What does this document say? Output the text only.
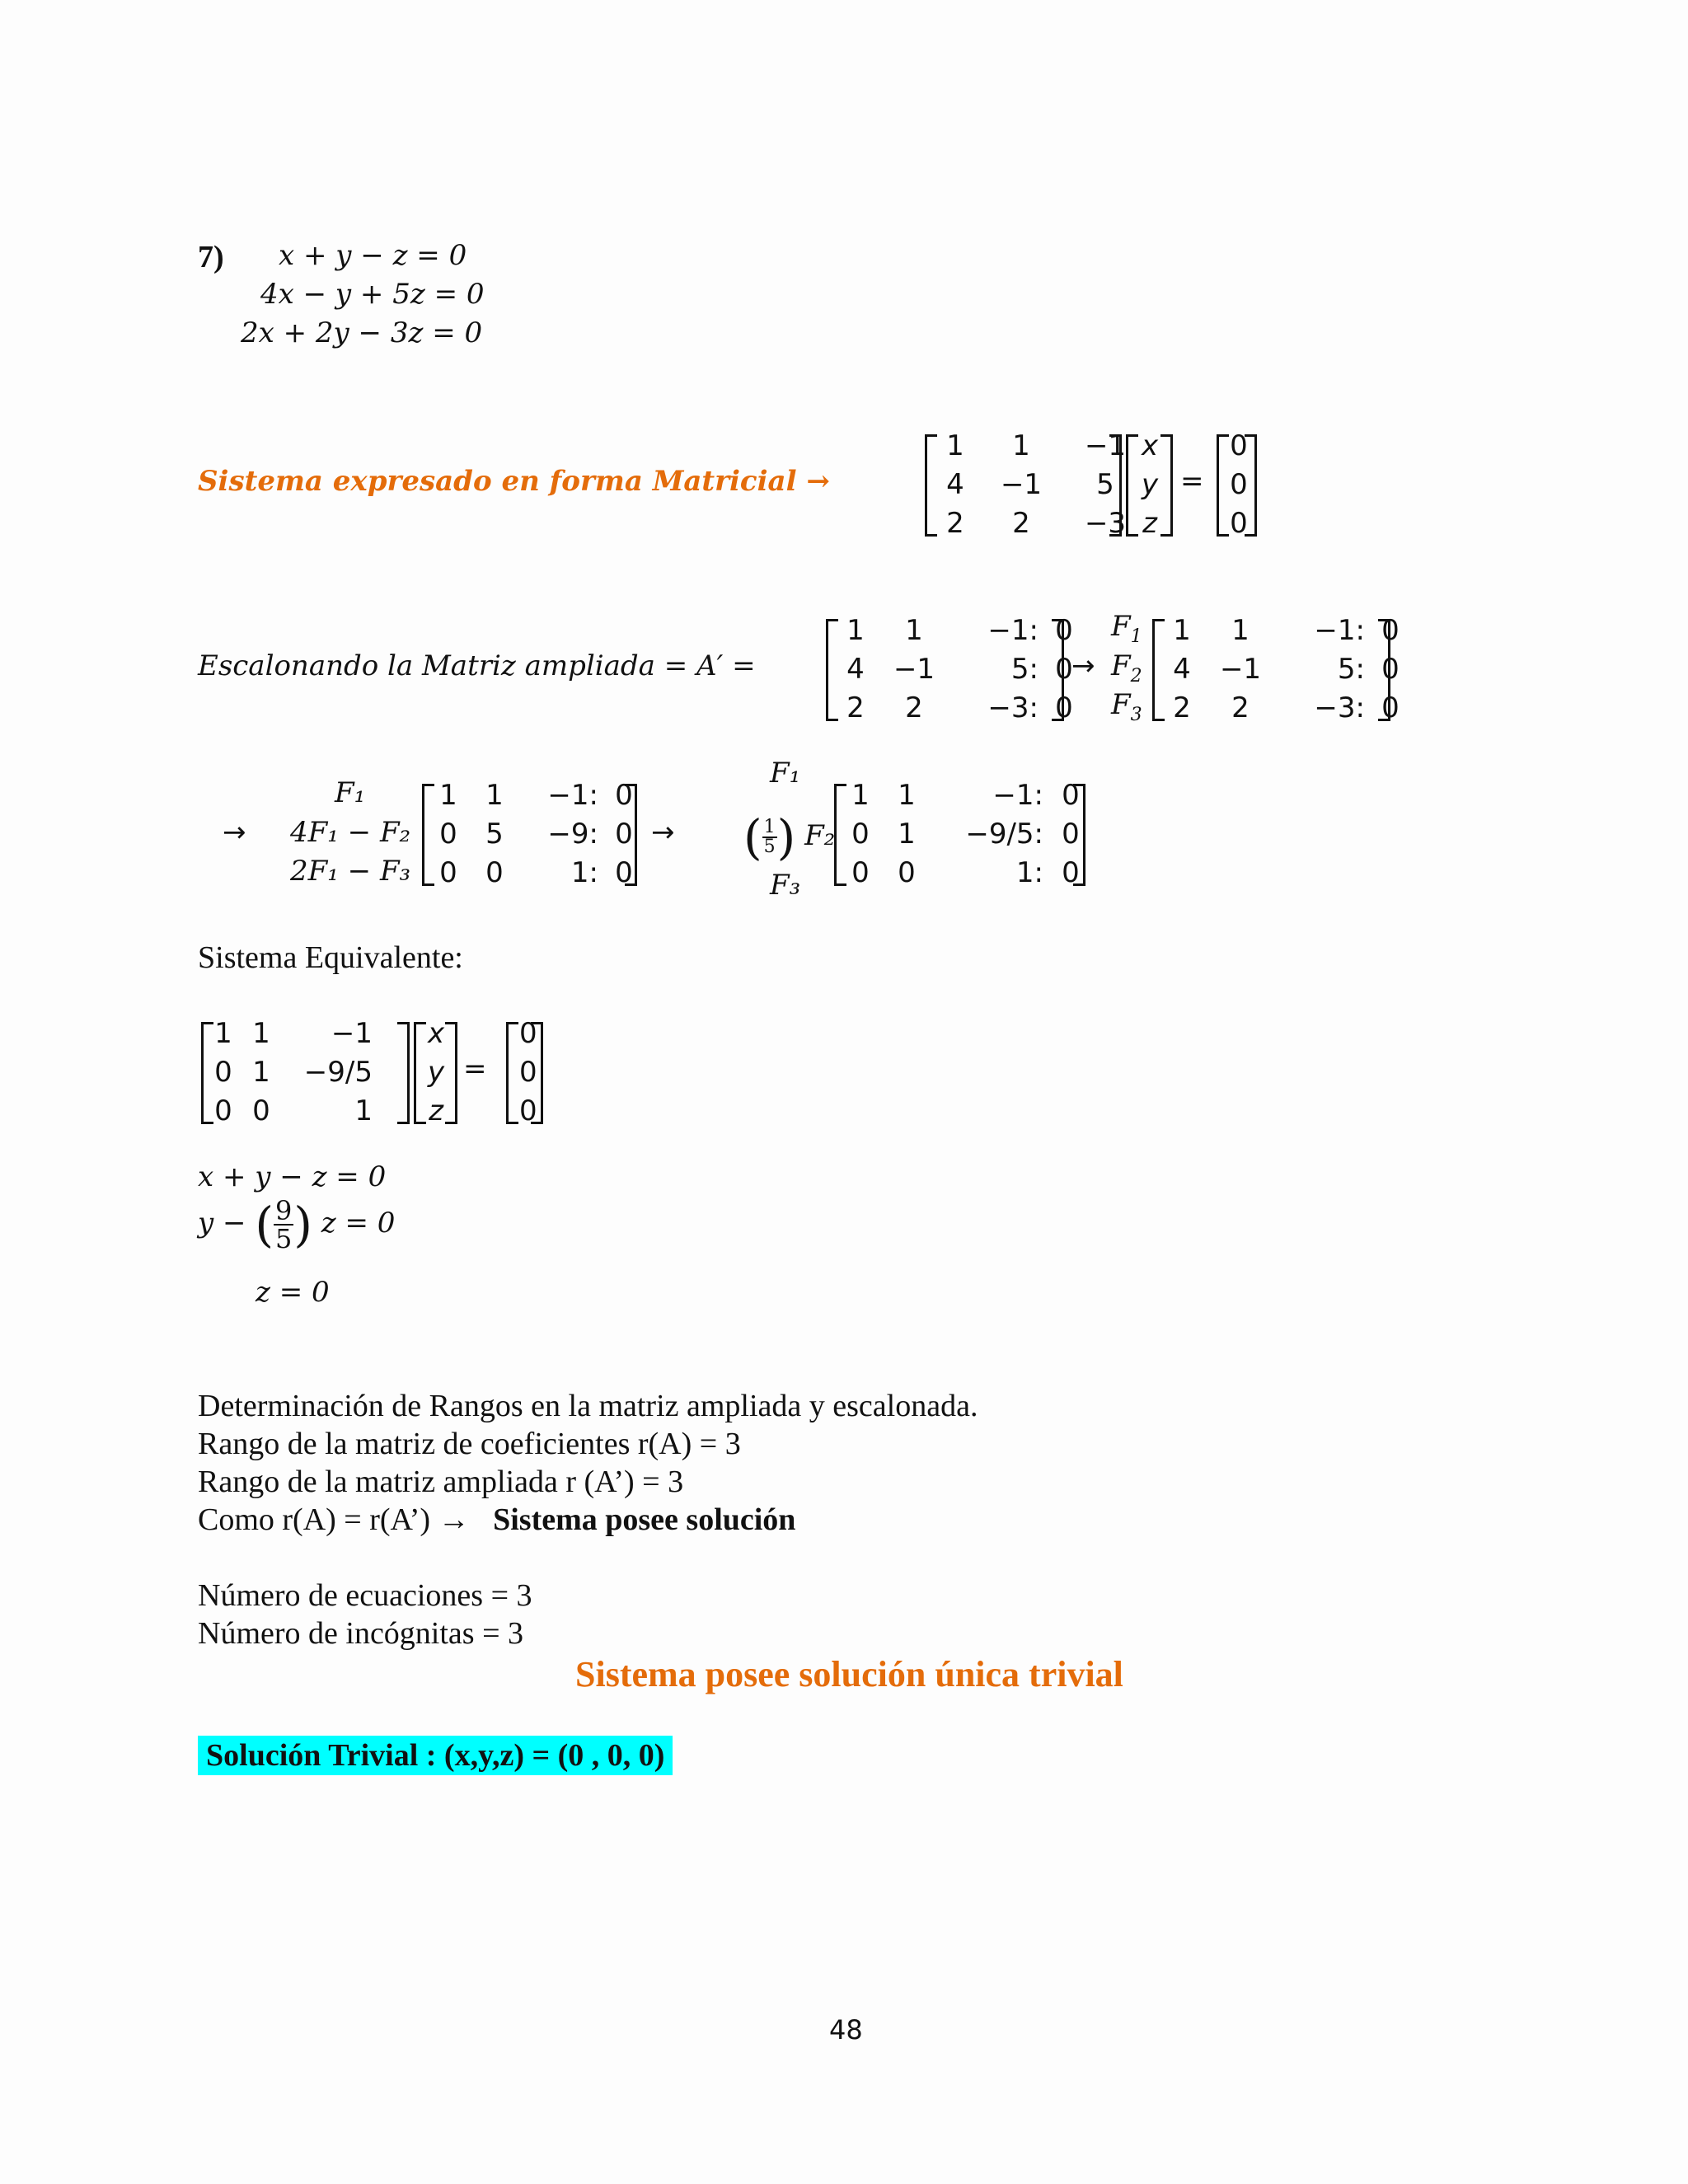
7) x + y − z = 0
4x − y + 5z = 0
2x + 2y − 3z = 0
Sistema expresado en forma Matricial →
1	1	−1
4	−1	5
2	2	−3
x
y
z
=
0
0
0
Escalonando la Matriz ampliada = A′ =
1	1	−1:	0
4	−1	5:	0
2	2	−3:	0
→
$F_1$
$F_2$
$F_3$
1	1	−1:	0
4	−1	5:	0
2	2	−3:	0
→
F₁
4F₁ − F₂
2F₁ − F₃
1	1	−1:	0
0	5	−9:	0
0	0	1:	0
→
F₁
( $\frac{1}{5}$ ) F₂
F₃
1	1	−1:	0
0	1	−9/5:	0
0	0	1:	0
Sistema Equivalente:
1	1	−1
0	1	−9/5
0	0	1
x
y
z
=
0
0
0
x + y − z = 0
y − ( $\frac{9}{5}$ ) z = 0
z = 0
Determinación de Rangos en la matriz ampliada y escalonada.
Rango de la matriz de coeficientes r(A) = 3
Rango de la matriz ampliada r (A’) = 3
Como r(A) = r(A’) → Sistema posee solución
Número de ecuaciones = 3
Número de incógnitas = 3
Sistema posee solución única trivial
Solución Trivial : (x,y,z) = (0 , 0, 0)
48
